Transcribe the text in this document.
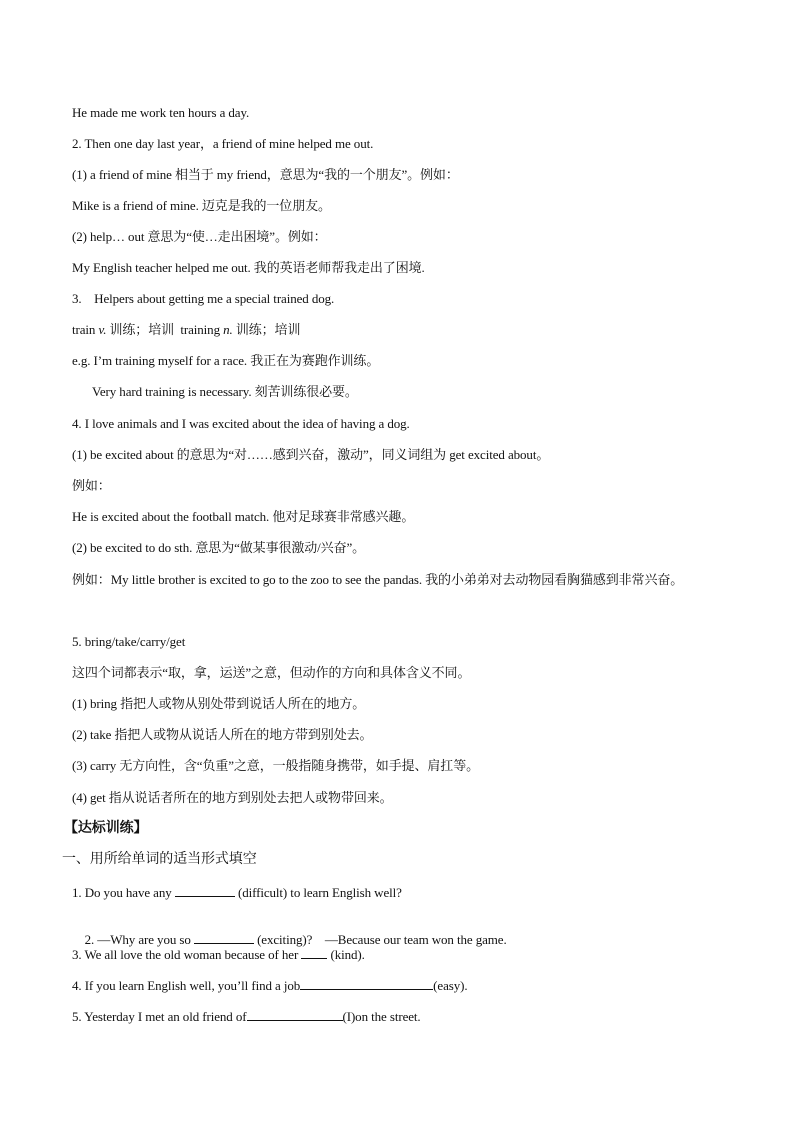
He made me work ten hours a day.
2. Then one day last year，a friend of mine helped me out.
(1) a friend of mine 相当于 my friend，意思为“我的一个朋友”。例如：
Mike is a friend of mine. 迈克是我的一位朋友。
(2) help… out 意思为“使…走出困境”。例如：
My English teacher helped me out. 我的英语老师帮我走出了困境.
3.    Helpers about getting me a special trained dog.
train v. 训练；培训 training n. 训练；培训
e.g. I’m training myself for a race. 我正在为赛跑作训练。
Very hard training is necessary. 刻苦训练很必要。
4. I love animals and I was excited about the idea of having a dog.
(1) be excited about 的意思为“对……感到兴奋，激动”，同义词组为 get excited about。
例如：
He is excited about the football match. 他对足球赛非常感兴趣。
(2) be excited to do sth. 意思为“做某事很激动/兴奋”。
例如：My little brother is excited to go to the zoo to see the pandas. 我的小弟弟对去动物园看胸猫感到非常兴奋。
5. bring/take/carry/get
这四个词都表示“取，拿，运送”之意，但动作的方向和具体含义不同。
(1) bring 指把人或物从别处带到说话人所在的地方。
(2) take 指把人或物从说话人所在的地方带到别处去。
(3) carry 无方向性，含“负重”之意，一般指随身携带，如手提、肩扛等。
(4) get 指从说话者所在的地方到别处去把人或物带回来。
【达标训练】
一、用所给单词的适当形式填空
1. Do you have any	(difficult) to learn English well?

2. —Why are you so	(exciting)?    —Because our team won the game.

3. We all love the old woman because of her  (kind).
4. If you learn English well, you’ll find a job	(easy).
5. Yesterday I met an old friend of	(I)on the street.
